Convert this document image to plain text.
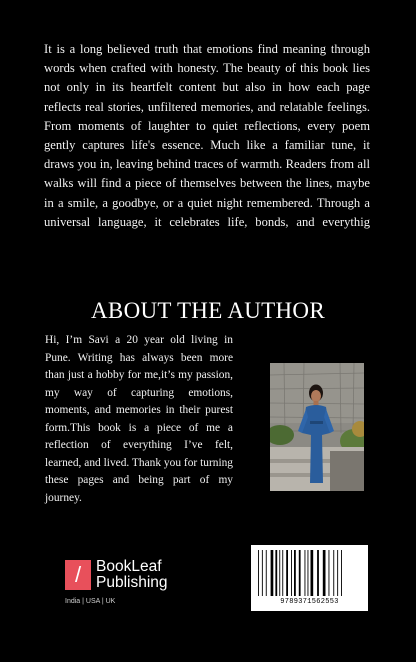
It is a long believed truth that emotions find meaning through words when crafted with honesty. The beauty of this book lies not only in its heartfelt content but also in how each page reflects real stories, unfiltered memories, and relatable feelings. From moments of laughter to quiet reflections, every poem gently captures life's essence. Much like a familiar tune, it draws you in, leaving behind traces of warmth. Readers from all walks will find a piece of themselves between the lines, maybe in a smile, a goodbye, or a quiet night remembered. Through a universal language, it celebrates life, bonds, and everythig

ABOUT THE AUTHOR

Hi, I’m Savi a 20 year old living in Pune. Writing has always been more than just a hobby for me,it’s my passion, my way of capturing emotions, moments, and memories in their purest form.This book is a piece of me a reflection of everything I’ve felt, learned, and lived. Thank you for turning these pages and being part of my journey.

/ BookLeaf
Publishing
India | USA | UK	9789371562553
